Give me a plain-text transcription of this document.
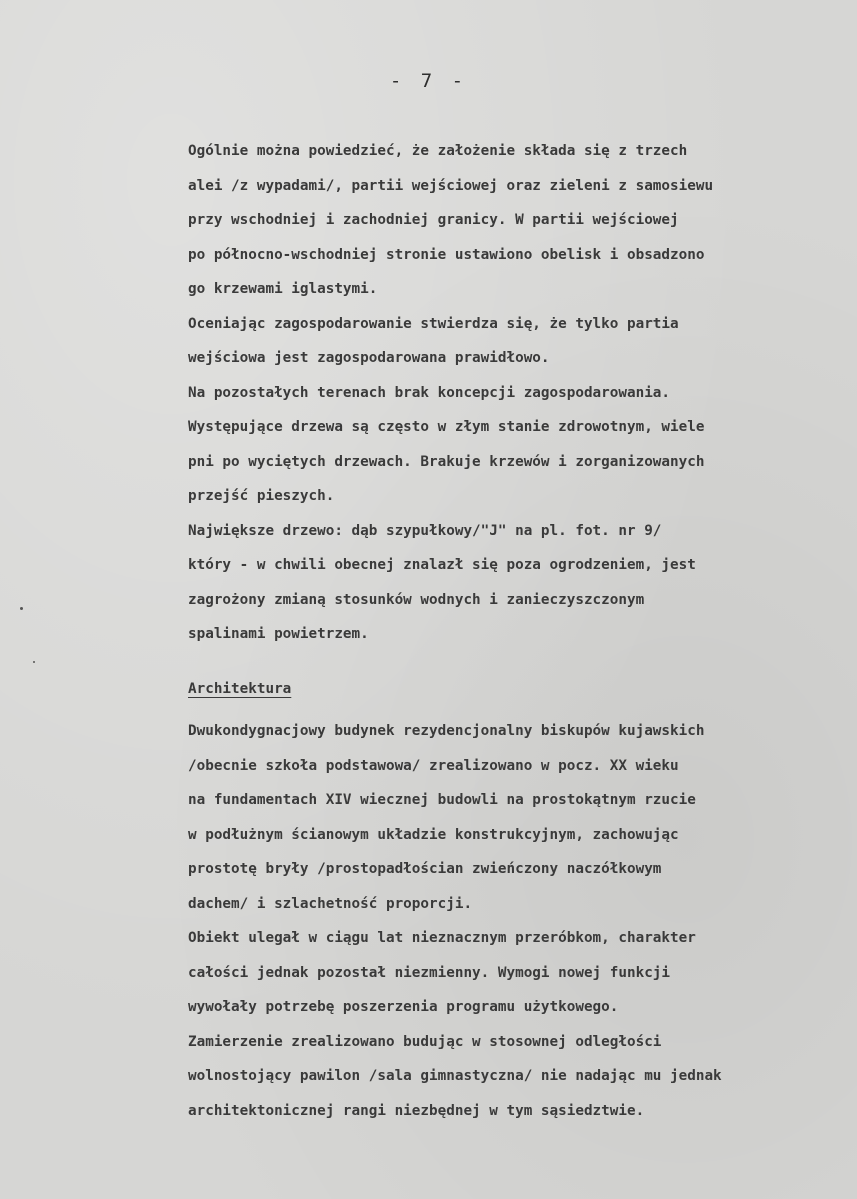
- 7 -
Ogólnie można powiedzieć, że założenie składa się z trzech
alei /z wypadami/, partii wejściowej oraz zieleni z samosiewu
przy wschodniej i zachodniej granicy. W partii wejściowej
po północno-wschodniej stronie ustawiono obelisk i obsadzono
go krzewami iglastymi.
Oceniając zagospodarowanie stwierdza się, że tylko partia
wejściowa jest zagospodarowana prawidłowo.
Na pozostałych terenach brak koncepcji zagospodarowania.
Występujące drzewa są często w złym stanie zdrowotnym, wiele
pni po wyciętych drzewach. Brakuje krzewów i zorganizowanych
przejść pieszych.
Największe drzewo: dąb szypułkowy/"J" na pl. fot. nr 9/
który - w chwili obecnej znalazł się poza ogrodzeniem, jest
zagrożony zmianą stosunków wodnych i zanieczyszczonym
spalinami powietrzem.
Architektura
Dwukondygnacjowy budynek rezydencjonalny biskupów kujawskich
/obecnie szkoła podstawowa/ zrealizowano w pocz. XX wieku
na fundamentach XIV wiecznej budowli na prostokątnym rzucie
w podłużnym ścianowym układzie konstrukcyjnym, zachowując
prostotę bryły /prostopadłościan zwieńczony naczółkowym
dachem/ i szlachetność proporcji.
Obiekt ulegał w ciągu lat nieznacznym przeróbkom, charakter
całości jednak pozostał niezmienny. Wymogi nowej funkcji
wywołały potrzebę poszerzenia programu użytkowego.
Zamierzenie zrealizowano budując w stosownej odległości
wolnostojący pawilon /sala gimnastyczna/ nie nadając mu jednak
architektonicznej rangi niezbędnej w tym sąsiedztwie.
